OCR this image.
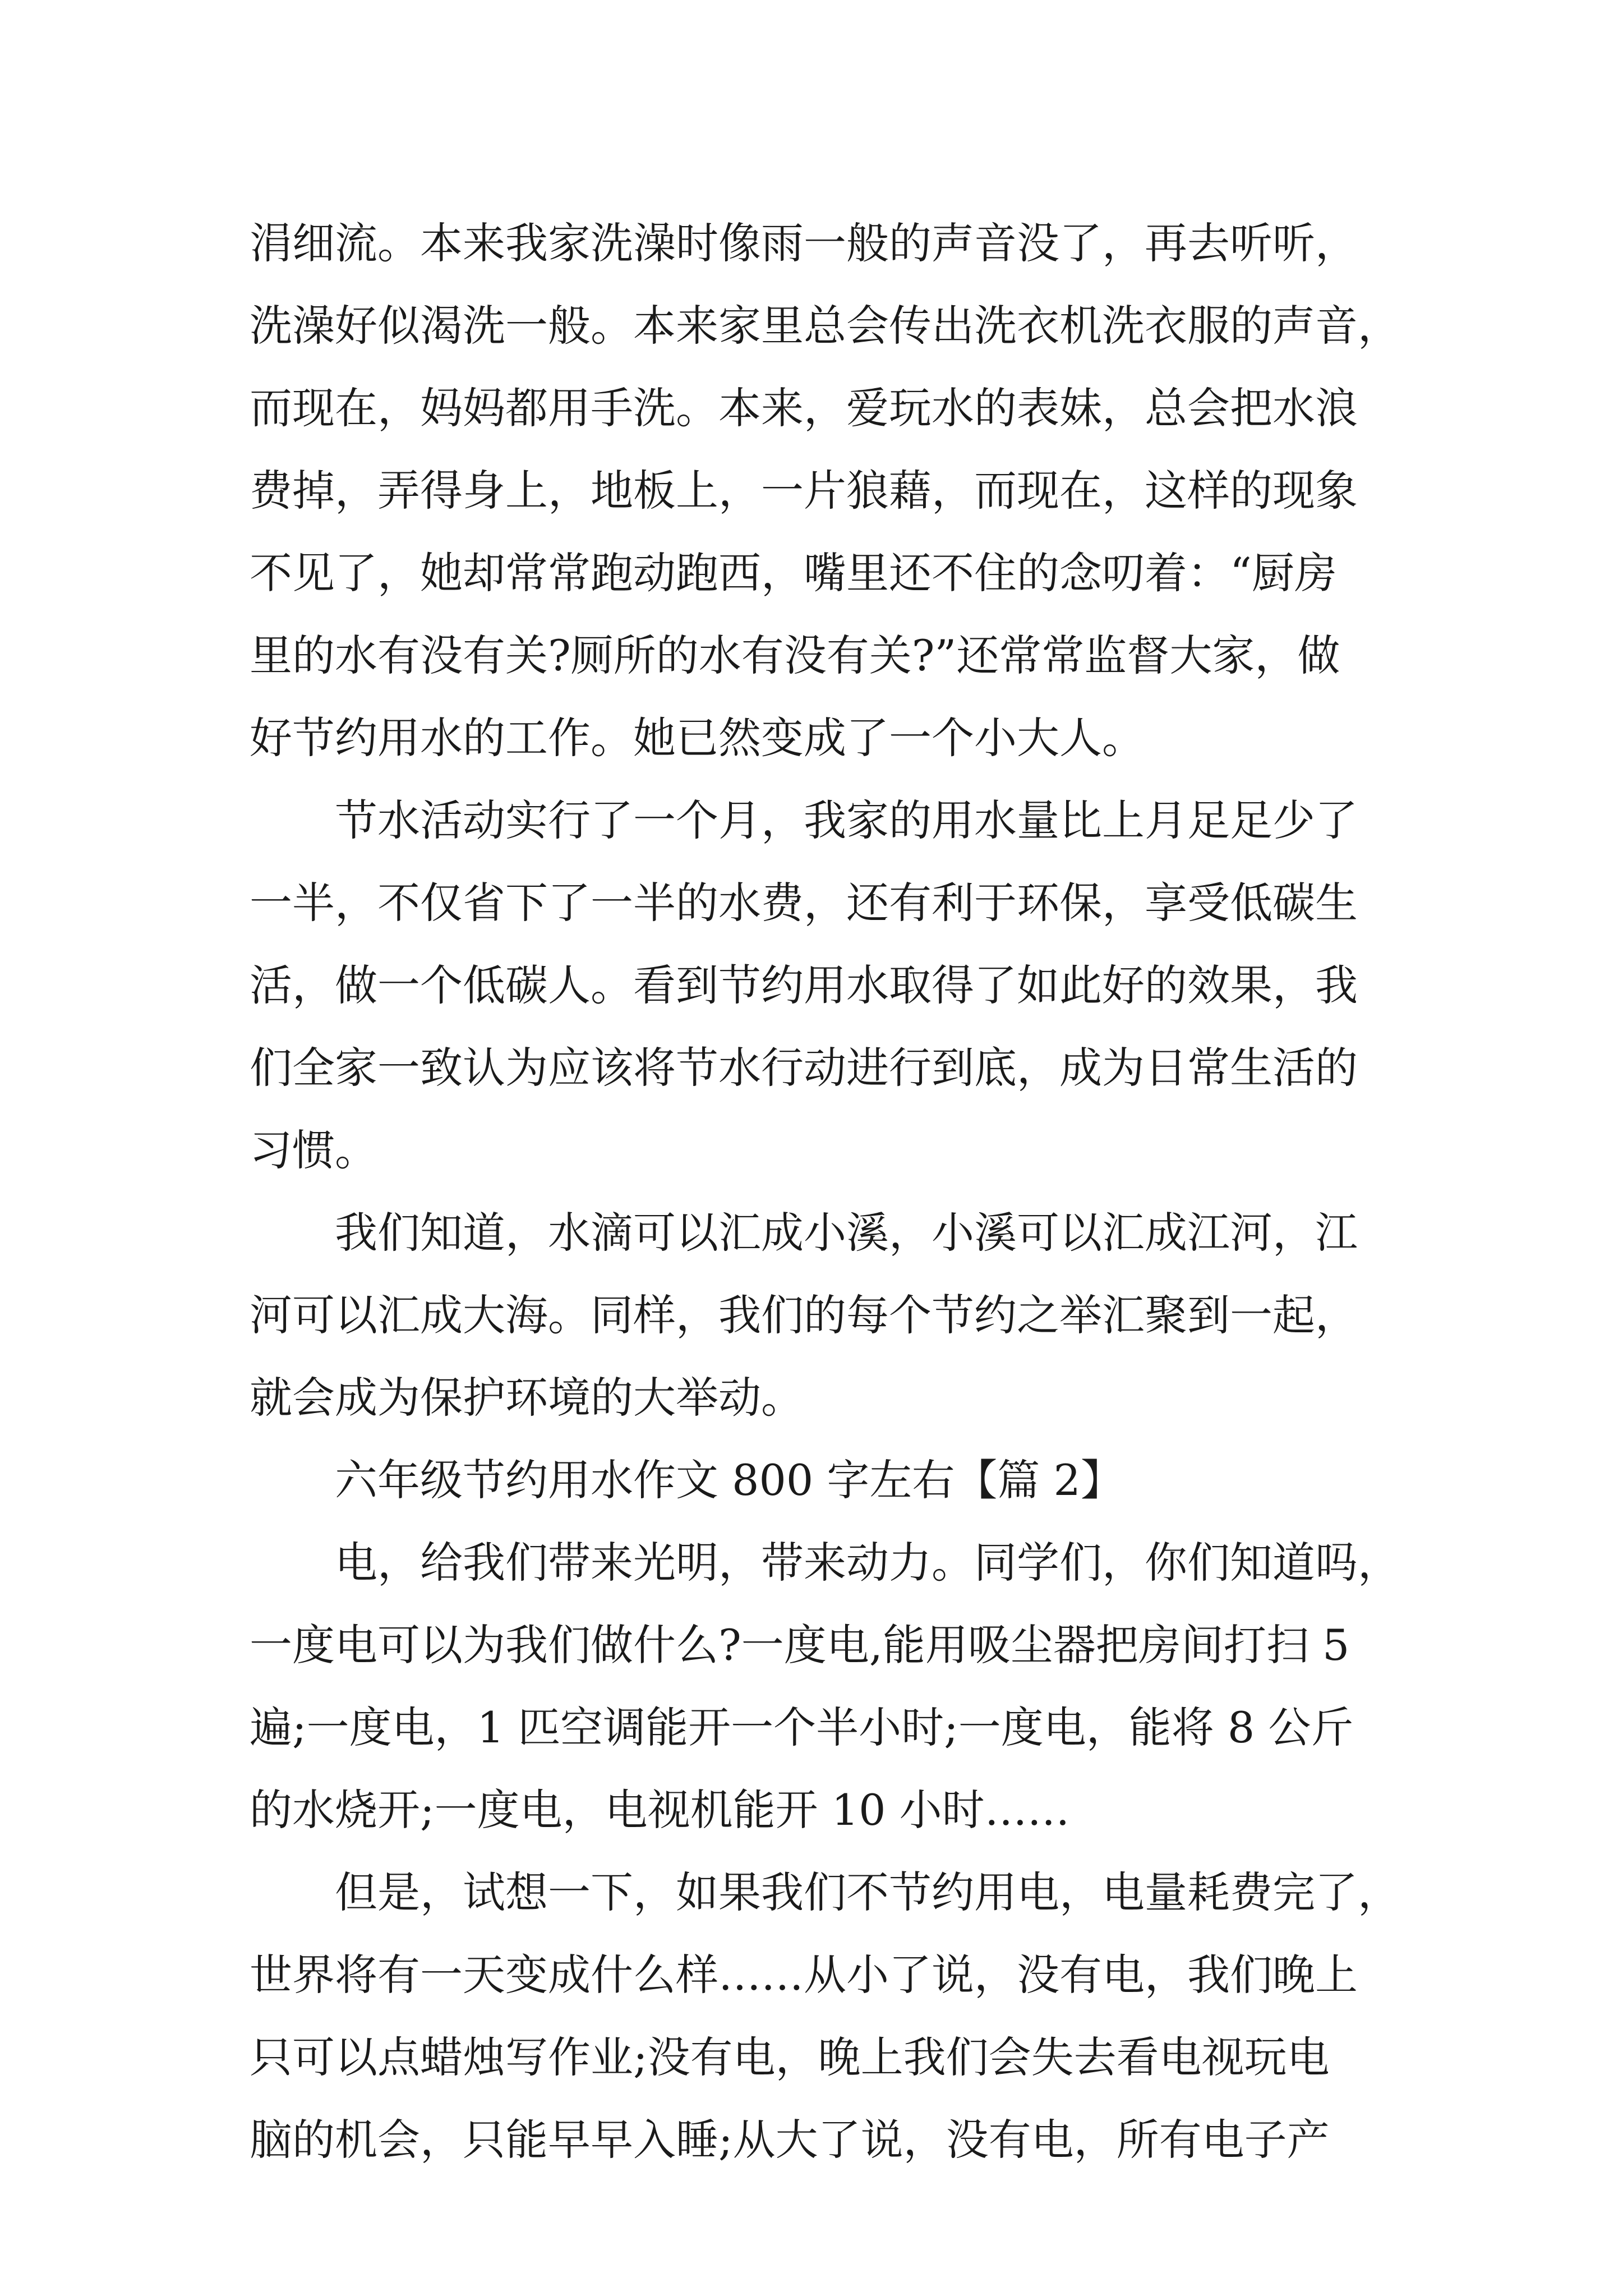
涓细流。本来我家洗澡时像雨一般的声音没了，再去听听，
洗澡好似渴洗一般。本来家里总会传出洗衣机洗衣服的声音，
而现在，妈妈都用手洗。本来，爱玩水的表妹，总会把水浪
费掉，弄得身上，地板上，一片狼藉，而现在，这样的现象
不见了，她却常常跑动跑西，嘴里还不住的念叨着：“厨房
里的水有没有关?厕所的水有没有关?”还常常监督大家，做
好节约用水的工作。她已然变成了一个小大人。
节水活动实行了一个月，我家的用水量比上月足足少了
一半，不仅省下了一半的水费，还有利于环保，享受低碳生
活，做一个低碳人。看到节约用水取得了如此好的效果，我
们全家一致认为应该将节水行动进行到底，成为日常生活的
习惯。
我们知道，水滴可以汇成小溪，小溪可以汇成江河，江
河可以汇成大海。同样，我们的每个节约之举汇聚到一起，
就会成为保护环境的大举动。
六年级节约用水作文 800 字左右【篇 2】
电，给我们带来光明，带来动力。同学们，你们知道吗，
一度电可以为我们做什么?一度电,能用吸尘器把房间打扫 5
遍;一度电，1 匹空调能开一个半小时;一度电，能将 8 公斤
的水烧开;一度电，电视机能开 10 小时……
但是，试想一下，如果我们不节约用电，电量耗费完了，
世界将有一天变成什么样……从小了说，没有电，我们晚上
只可以点蜡烛写作业;没有电，晚上我们会失去看电视玩电
脑的机会，只能早早入睡;从大了说，没有电，所有电子产
